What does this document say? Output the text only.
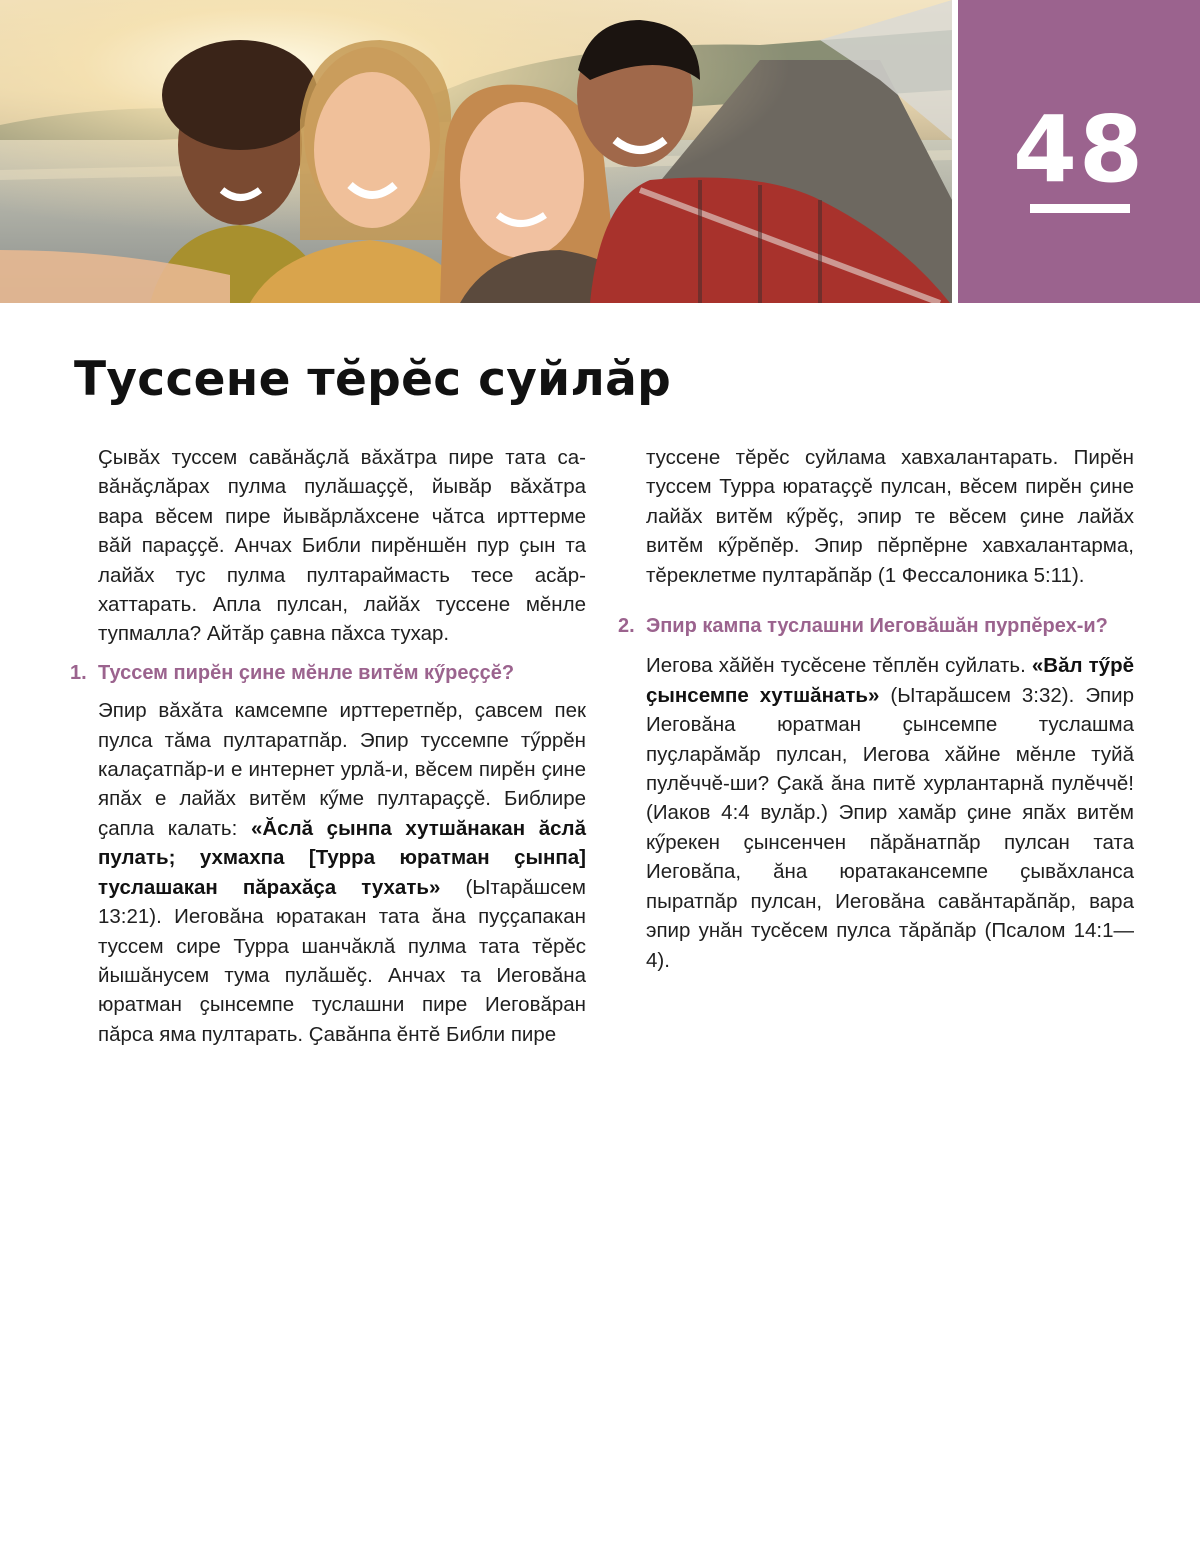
48
Туссене тӗрӗс суйлӑр

Ҫывӑх туссем савӑнӑҫлӑ вӑхӑтра пире тата савӑнӑҫлӑрах пулма пулӑшаҫҫӗ, йывӑр вӑхӑтра вара вӗсем пире йывӑрлӑхсене чӑтса ирттерме вӑй параҫҫӗ. Анчах Библи пирӗншӗн пур ҫын та лайӑх тус пулма пултараймасть тесе асӑрхаттарать. Апла пулсан, лайӑх туссене мӗнле тупмалла? Айтӑр ҫавна пӑхса тухар.

1. Туссем пирӗн ҫине мӗнле витӗм кӳреҫҫӗ?

Эпир вӑхӑта камсемпе ирттеретпӗр, ҫавсем пек пулса тӑма пултаратпӑр. Эпир туссемпе тӳррӗн калаҫатпӑр-и е интернет урлӑ-и, вӗсем пирӗн ҫине япӑх е лайӑх витӗм кӳме пултараҫҫӗ. Библире ҫапла калать: «Ӑслӑ ҫынпа хутшӑнакан ӑслӑ пулать; ухмахпа [Турра юратман ҫынпа] туслашакан пӑрахӑҫа тухать» (Ытарӑшсем 13:21). Иеговӑна юратакан тата ӑна пуҫҫапакан туссем сире Турра шанчӑклӑ пулма тата тӗрӗс йышӑнусем тума пулӑшӗҫ. Анчах та Иеговӑна юратман ҫынсемпе туслашни пире Иеговӑран пӑрса яма пултарать. Ҫавӑнпа ӗнтӗ Библи пире

2. Эпир кампа туслашни Иеговӑшӑн пурпӗрех-и?

Иегова хӑйӗн тусӗсене тӗплӗн суйлать. «Вӑл тӳрӗ ҫынсемпе хутшӑнать» (Ытарӑшсем 3:32). Эпир Иеговӑна юратман ҫынсемпе туслашма пуҫларӑмӑр пулсан, Иегова хӑйне мӗнле туйӑ пулӗччӗ-ши? Ҫакӑ ӑна питӗ хурлантарнӑ пулӗччӗ! (Иаков 4:4 вулӑр.) Эпир хамӑр ҫине япӑх витӗм кӳрекен ҫынсенчен пӑрӑнатпӑр пулсан тата Иеговӑпа, ӑна юратакансемпе ҫывӑхланса пыратпӑр пулсан, Иеговӑна савӑнтарӑпӑр, вара эпир унӑн тусӗсем пулса тӑрӑпӑр (Псалом 14:1—4).

туссене тӗрӗс суйлама хавхалантарать. Пирӗн туссем Турра юратаҫҫӗ пулсан, вӗсем пирӗн ҫине лайӑх витӗм кӳрӗҫ, эпир те вӗсем ҫине лайӑх витӗм кӳрӗпӗр. Эпир пӗрпӗрне хавхалантарма, тӗреклетме пултарӑпӑр (1 Фессалоника 5:11).
